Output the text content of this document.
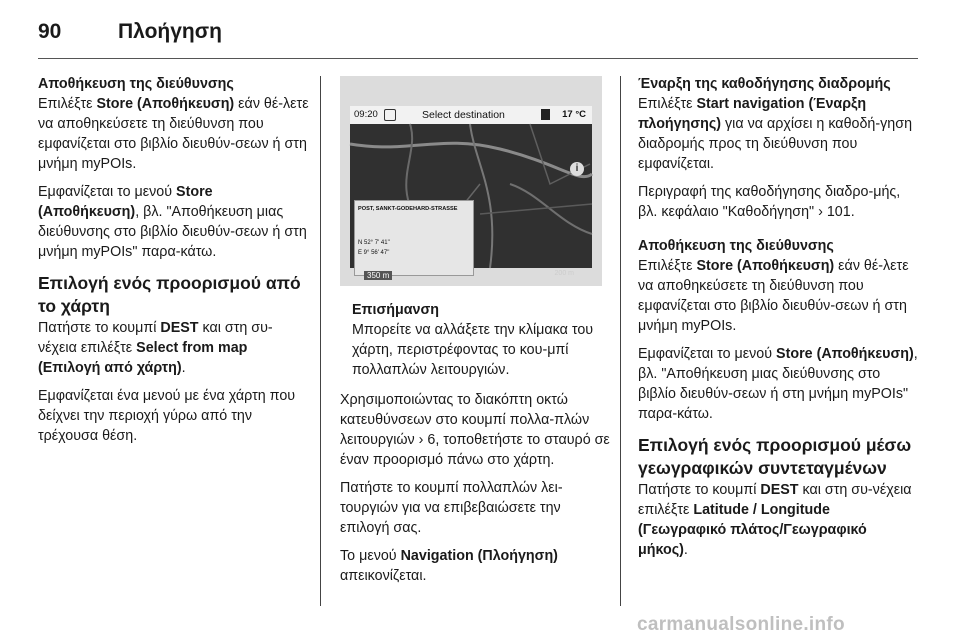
90	Πλοήγηση
Αποθήκευση της διεύθυνσης

Επιλέξτε Store (Αποθήκευση) εάν θέ-λετε να αποθηκεύσετε τη διεύθυνση που εμφανίζεται στο βιβλίο διευθύν-σεων ή στη μνήμη myPOIs.

Εμφανίζεται το μενού Store (Αποθήκευση), βλ. "Αποθήκευση μιας διεύθυνσης στο βιβλίο διευθύν-σεων ή στη μνήμη myPOIs" παρα-κάτω.

Επιλογή ενός προορισμού από το χάρτη

Πατήστε το κουμπί DEST και στη συ-νέχεια επιλέξτε Select from map (Επιλογή από χάρτη).

Εμφανίζεται ένα μενού με ένα χάρτη που δείχνει την περιοχή γύρω από την τρέχουσα θέση.

09:20	Select destination	17 °C
i
POST, SANKT-GODEHARD-STRASSE
N 52° 7' 41"
E 9° 56' 47"
350 m	200 m
Επισήμανση
Μπορείτε να αλλάξετε την κλίμακα του χάρτη, περιστρέφοντας το κου-μπί πολλαπλών λειτουργιών.

Χρησιμοποιώντας το διακόπτη οκτώ κατευθύνσεων στο κουμπί πολλα-πλών λειτουργιών › 6, τοποθετήστε το σταυρό σε έναν προορισμό πάνω στο χάρτη.

Πατήστε το κουμπί πολλαπλών λει-τουργιών για να επιβεβαιώσετε την επιλογή σας.

Το μενού Navigation (Πλοήγηση) απεικονίζεται.

Έναρξη της καθοδήγησης διαδρομής

Επιλέξτε Start navigation (Έναρξη πλοήγησης) για να αρχίσει η καθοδή-γηση διαδρομής προς τη διεύθυνση που εμφανίζεται.

Περιγραφή της καθοδήγησης διαδρο-μής, βλ. κεφάλαιο "Καθοδήγηση" › 101.

Αποθήκευση της διεύθυνσης

Επιλέξτε Store (Αποθήκευση) εάν θέ-λετε να αποθηκεύσετε τη διεύθυνση που εμφανίζεται στο βιβλίο διευθύν-σεων ή στη μνήμη myPOIs.

Εμφανίζεται το μενού Store (Αποθήκευση), βλ. "Αποθήκευση μιας διεύθυνσης στο βιβλίο διευθύν-σεων ή στη μνήμη myPOIs" παρα-κάτω.

Επιλογή ενός προορισμού μέσω γεωγραφικών συντεταγμένων

Πατήστε το κουμπί DEST και στη συ-νέχεια επιλέξτε Latitude / Longitude (Γεωγραφικό πλάτος/Γεωγραφικό μήκος).

carmanualsonline.info
